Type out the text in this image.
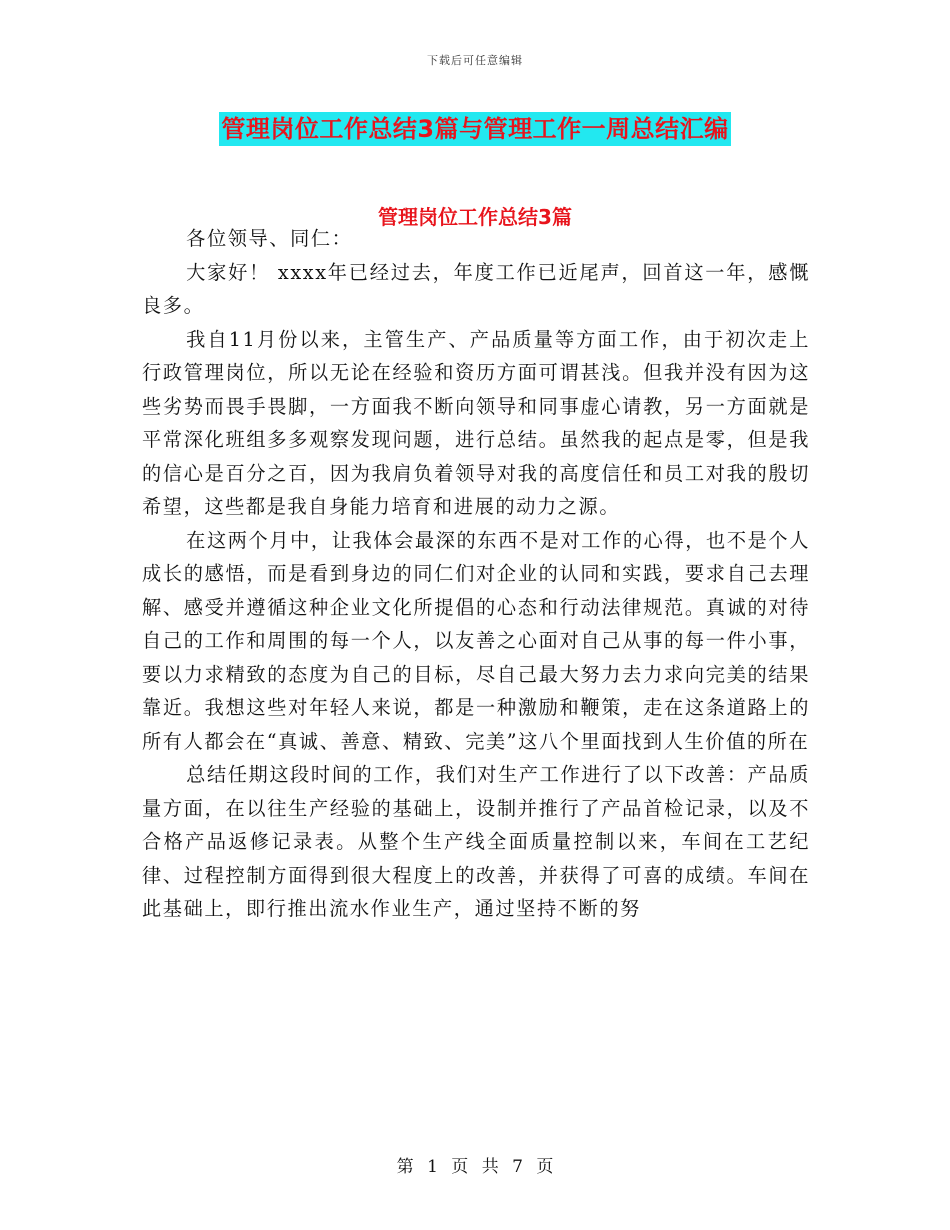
下载后可任意编辑
管理岗位工作总结3篇与管理工作一周总结汇编
管理岗位工作总结3篇

各位领导、同仁：

大家好！ xxxx年已经过去，年度工作已近尾声，回首这一年，感慨良多。

我自11月份以来，主管生产、产品质量等方面工作，由于初次走上行政管理岗位，所以无论在经验和资历方面可谓甚浅。但我并没有因为这些劣势而畏手畏脚，一方面我不断向领导和同事虚心请教，另一方面就是平常深化班组多多观察发现问题，进行总结。虽然我的起点是零，但是我的信心是百分之百，因为我肩负着领导对我的高度信任和员工对我的殷切希望，这些都是我自身能力培育和进展的动力之源。

在这两个月中，让我体会最深的东西不是对工作的心得，也不是个人成长的感悟，而是看到身边的同仁们对企业的认同和实践，要求自己去理解、感受并遵循这种企业文化所提倡的心态和行动法律规范。真诚的对待自己的工作和周围的每一个人，以友善之心面对自己从事的每一件小事，要以力求精致的态度为自己的目标，尽自己最大努力去力求向完美的结果靠近。我想这些对年轻人来说，都是一种激励和鞭策，走在这条道路上的所有人都会在“真诚、善意、精致、完美”这八个里面找到人生价值的所在

总结任期这段时间的工作，我们对生产工作进行了以下改善：产品质量方面，在以往生产经验的基础上，设制并推行了产品首检记录，以及不合格产品返修记录表。从整个生产线全面质量控制以来，车间在工艺纪律、过程控制方面得到很大程度上的改善，并获得了可喜的成绩。车间在此基础上，即行推出流水作业生产，通过坚持不断的努

第 1 页 共 7 页
